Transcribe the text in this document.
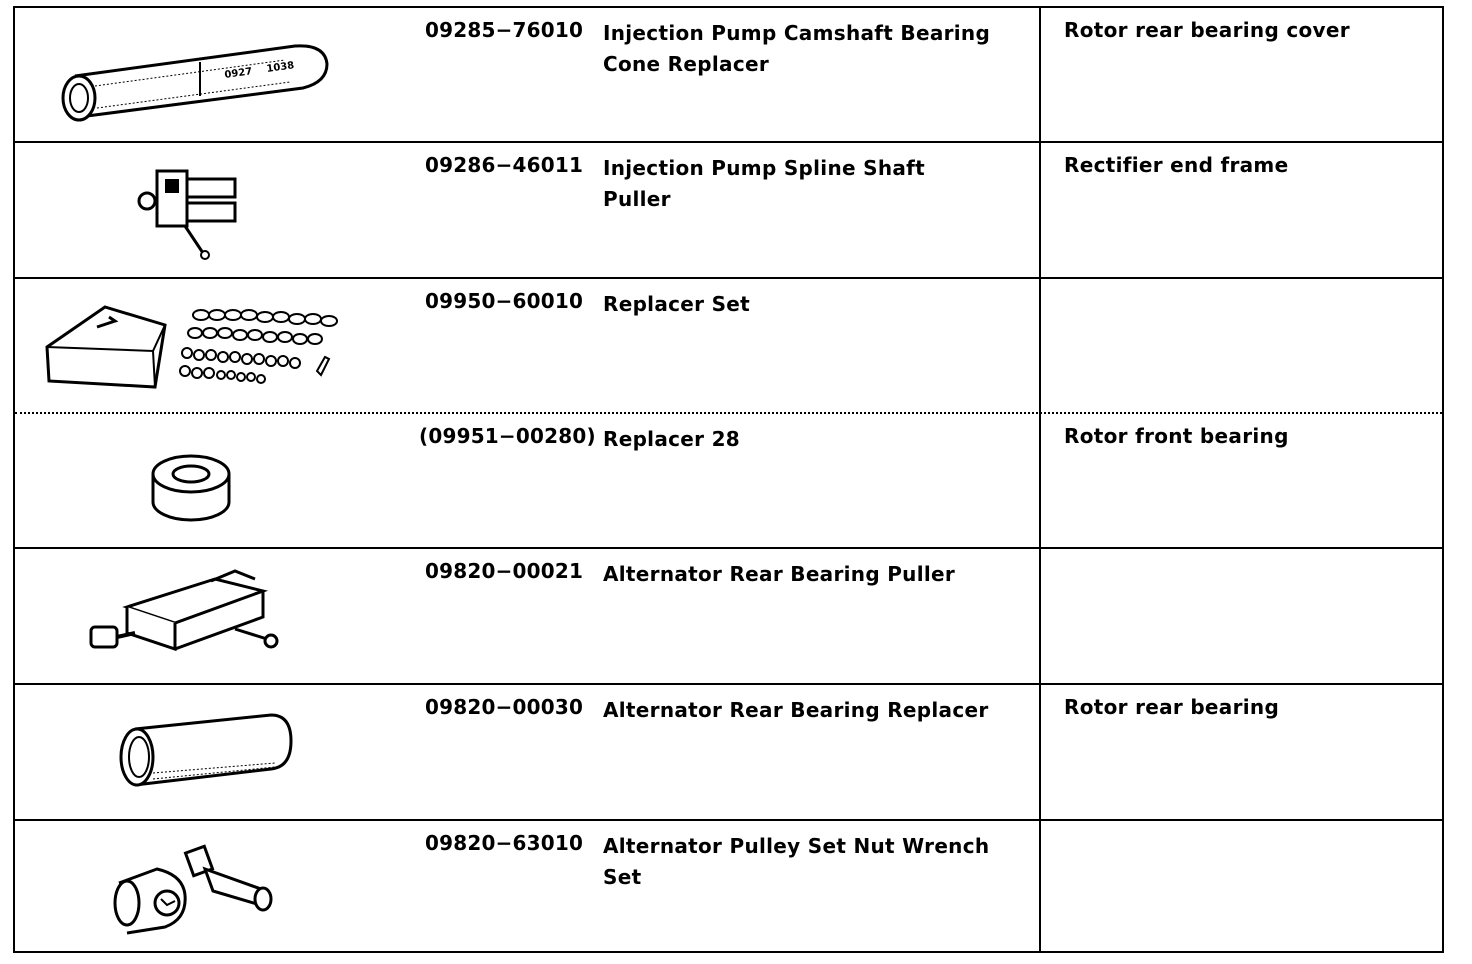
0927 1038
09285−76010 Injection Pump Camshaft Bearing
Cone Replacer
Rotor rear bearing cover
09286−46011 Injection Pump Spline Shaft
Puller
Rectifier end frame
09950−60010 Replacer Set
(09951−00280) Replacer 28	Rotor front bearing
09820−00021 Alternator Rear Bearing Puller
09820−00030 Alternator Rear Bearing Replacer	Rotor rear bearing
09820−63010 Alternator Pulley Set Nut Wrench
Set
